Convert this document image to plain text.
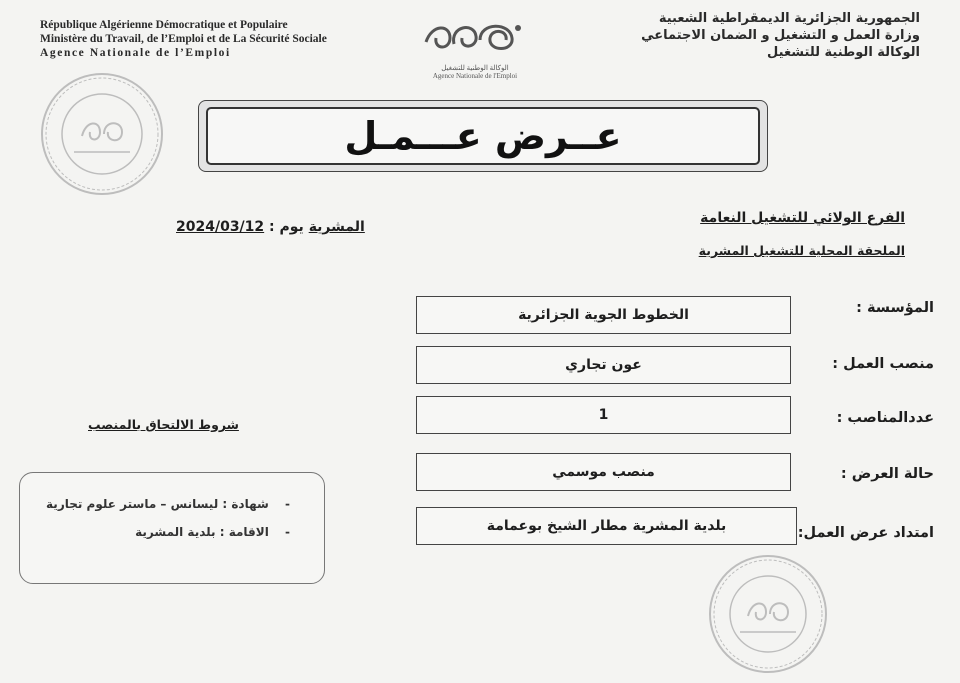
République Algérienne Démocratique et Populaire
Ministère du Travail, de l’Emploi et de La Sécurité Sociale
Agence Nationale de l’Emploi
الوكالة الوطنية للتشغيل
Agence Nationale de l'Emploi
الجمهورية الجزائرية الديمقراطية الشعبية
وزارة العمل و التشغيل و الضمان الاجتماعي
الوكالة الوطنية للتشغيل
عــرض عـــمـل
الفرع الولائي للتشغيل النعامة
الملحقة المحلية للتشغيل المشرية
المشرية يوم : 2024/03/12
المؤسسة :
الخطوط الجوية الجزائرية
منصب العمل :
عون تجاري
عددالمناصب :
1
حالة العرض :
منصب موسمي
امتداد عرض العمل:
بلدية المشرية مطار الشيخ بوعمامة
شروط الالتحاق بالمنصب
- شهادة : ليسانس – ماستر علوم تجارية
- الاقامة : بلدية المشرية
